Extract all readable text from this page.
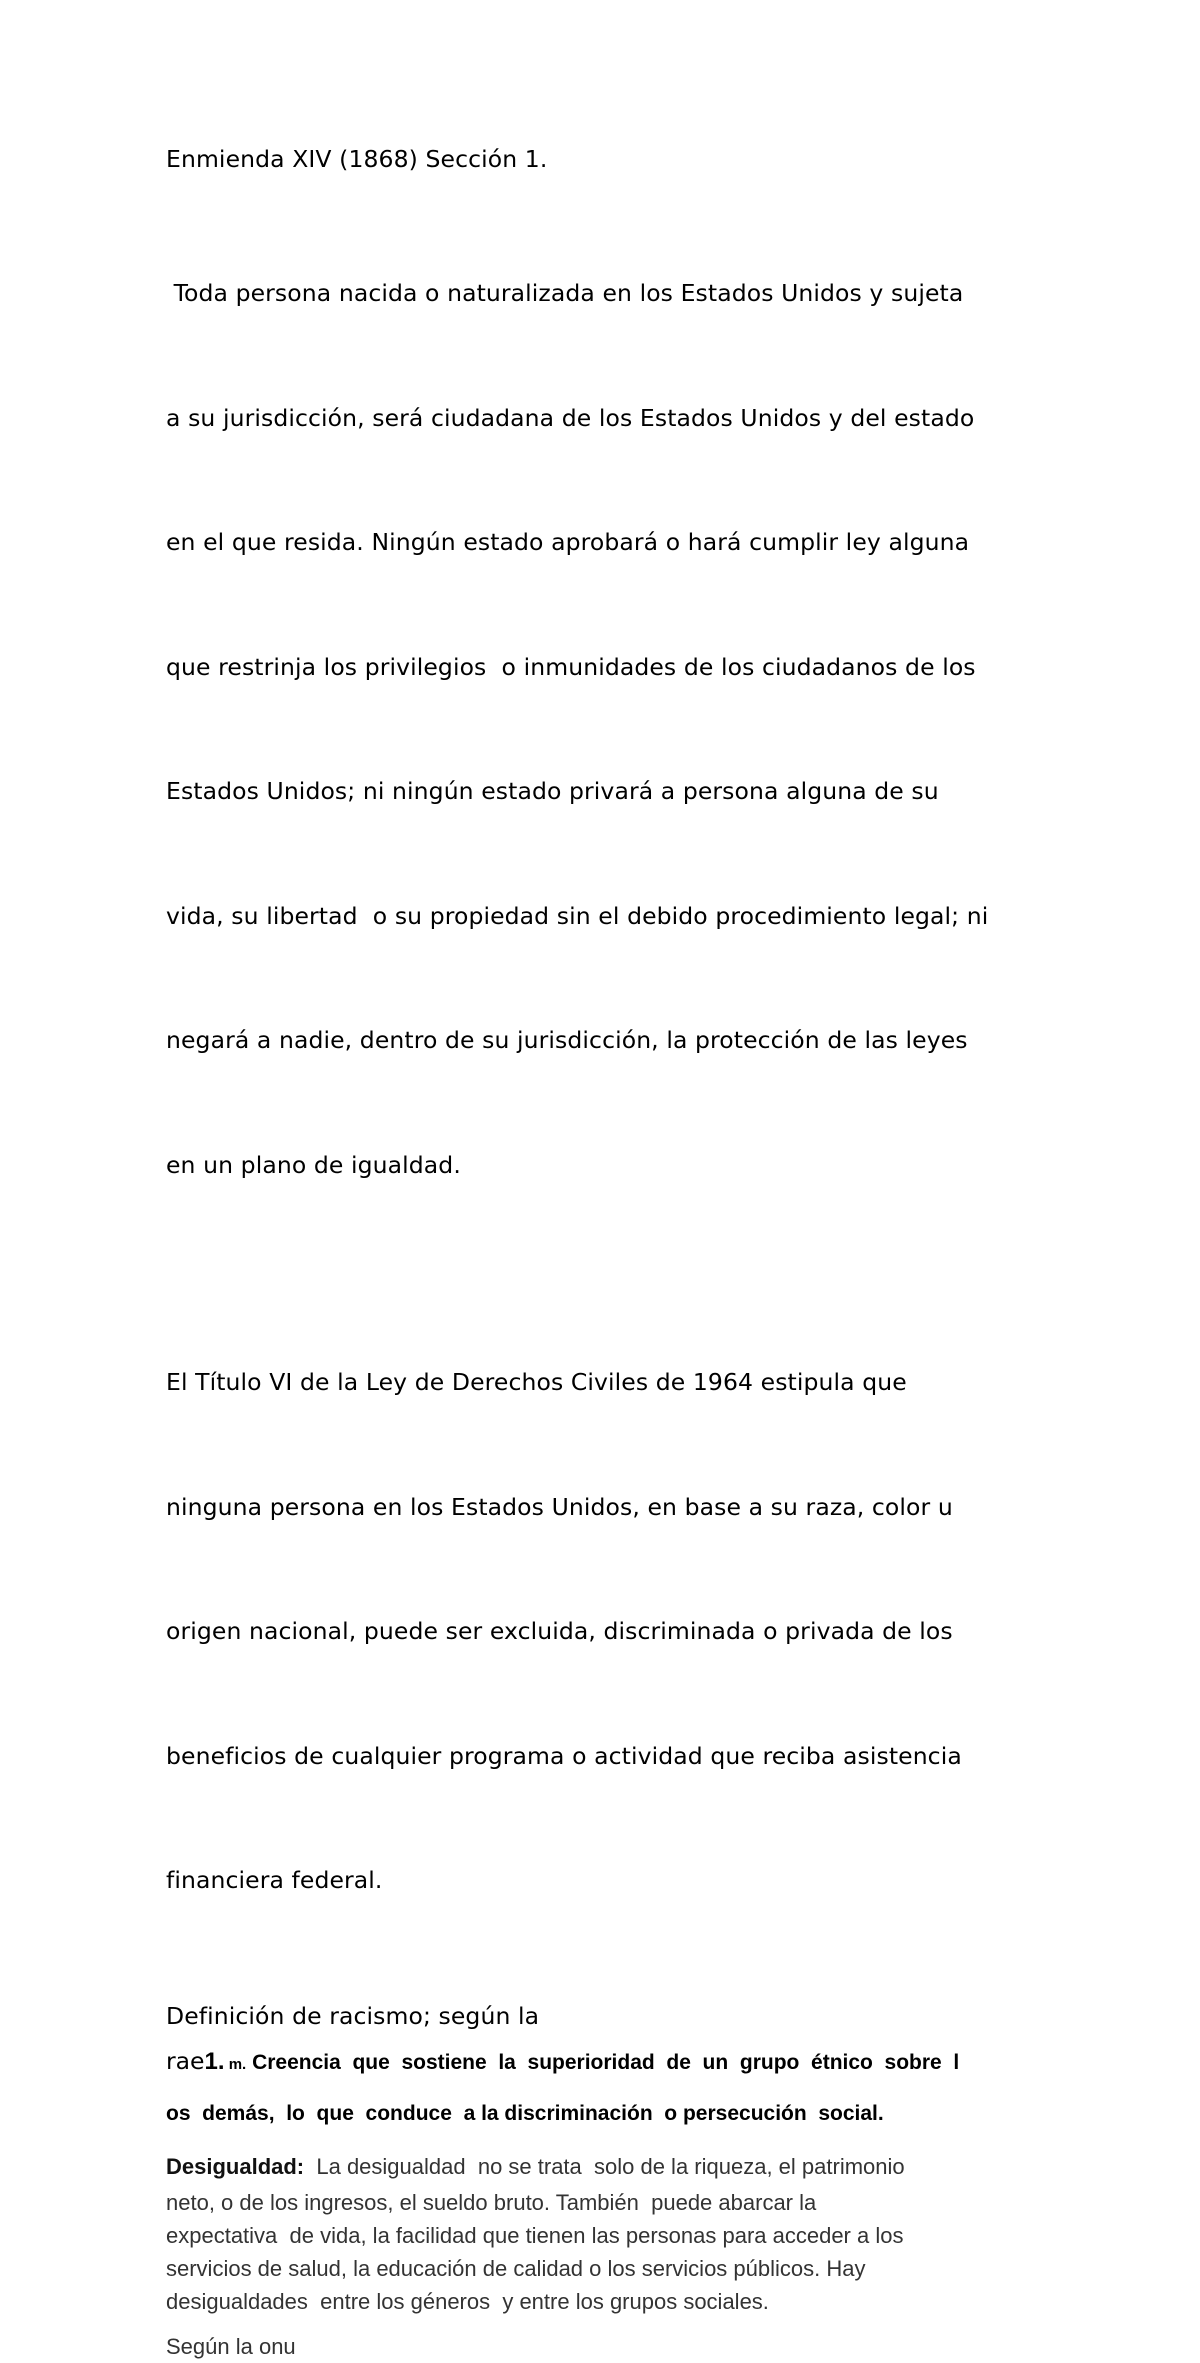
Enmienda XIV (1868) Sección 1.

Toda persona nacida o naturalizada en los Estados Unidos y sujeta

a su jurisdicción, será ciudadana de los Estados Unidos y del estado

en el que resida. Ningún estado aprobará o hará cumplir ley alguna

que restrinja los privilegios  o inmunidades de los ciudadanos de los

Estados Unidos; ni ningún estado privará a persona alguna de su

vida, su libertad  o su propiedad sin el debido procedimiento legal; ni

negará a nadie, dentro de su jurisdicción, la protección de las leyes

en un plano de igualdad.

El Título VI de la Ley de Derechos Civiles de 1964 estipula que

ninguna persona en los Estados Unidos, en base a su raza, color u

origen nacional, puede ser excluida, discriminada o privada de los

beneficios de cualquier programa o actividad que reciba asistencia

financiera federal.

Definición de racismo; según la

rae1. m. Creencia  que  sostiene  la  superioridad  de  un  grupo  étnico  sobre  l
os  demás,  lo  que  conduce  a la discriminación  o persecución  social.
Desigualdad:  La desigualdad  no se trata  solo de la riqueza, el patrimonio
neto, o de los ingresos, el sueldo bruto. También  puede abarcar la
expectativa  de vida, la facilidad que tienen las personas para acceder a los
servicios de salud, la educación de calidad o los servicios públicos. Hay
desigualdades  entre los géneros  y entre los grupos sociales.

Según la onu
